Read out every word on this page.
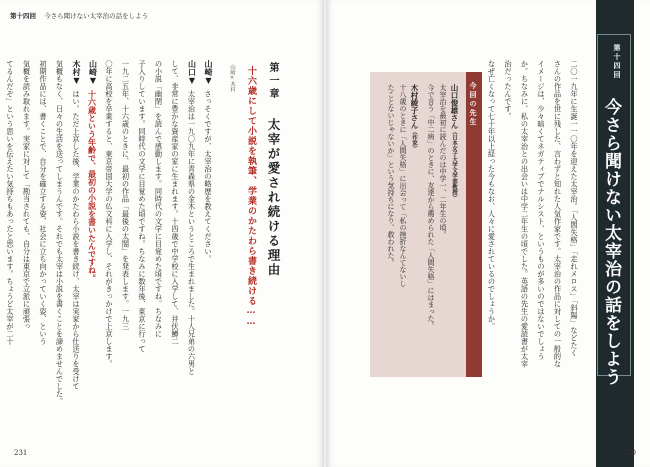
第十四回 今さら聞けない太宰治の話をしよう
第一章
太宰が愛され続ける理由
山崎×木村 十六歳にして小説を執筆、学業のかたわら書き続ける……
山崎▼
さっそくですが、太宰治の略歴を教えてください。
山口▼
太宰治は一九〇九年に青森県の金木というところで生まれました。十人兄弟の六男と
して、非常に豊かな資産家の家に生まれます。十四歳で中学校に入学して、井伏鱒二
の小説「幽閉」を読んで感動します。同時代の文学に目覚めた頃ですね。ちなみに
子入りしています。同時代の文学に目覚めた頃ですね。ちなみに数年後、東京に行って
一九二五年、十六歳のときに、最初の作品「最後の太閤」を発表します。一九三
〇年に高校を卒業すると、東京帝国大学の仏文科に入学し、それがきっかけで上京します。
山崎▼
十六歳という年齢で、最初の小説を書いたんですね。
木村▼
はい。ただ上京した後、学業のかたわら小説を書き続け、太宰は実家から仕送りを受けて
気概もなく、日々の生活を送ってしまうんです。それでも太宰は小説を書くことを諦めませんでした。
初期作品には、書くことで、自分を確立する姿、社会に立ち向かっていく姿、という
気概を読み取れます。実家に対して「勘当されても、自分は東京で立派に頑張っ
てるんだぞ」という思いを伝えたい気持ちもあったと思います。ちょうど太宰が二十
231
第十四回
今さら聞けない太宰治の話をしよう
二〇一九年に生誕一一〇年を迎えた太宰治。「人間失格」「走れメロス」「斜陽」などたく
さんの作品を世に残した、言わずと知れた人気作家です。太宰治の作品に対しての一般的な
イメージは、少々暗くてネガティブでナルシスト、というものが多いのではないでしょう
か。ちなみに、私の太宰治との出会いは中学二年生の頃でした。英語の先生の愛読書が太宰
治だったんです。
なぜ亡くなって七十年以上経った今もなお、人々に愛されているのでしょうか。
今回の先生
山口俊雄さん（日本女子大学文学部教授）
太宰治を最初に読んだのは中学一、二年生の頃。
今で言う「中二病」のときに、友達から薦められた「人間失格」にはまった。
木村綾子さん（作家）
十八歳のときに「人間失格」に出会って「私の挫折なんてないし
たことないじゃないか」という気持ちになり、救われた。
230
